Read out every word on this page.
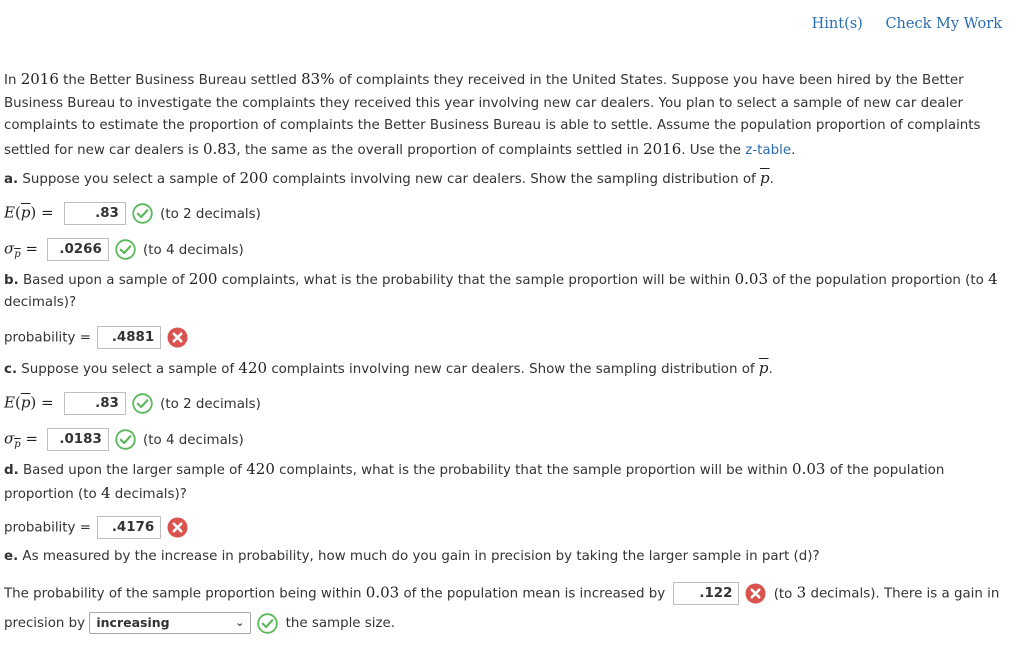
Hint(s) Check My Work
In 2016 the Better Business Bureau settled 83% of complaints they received in the United States. Suppose you have been hired by the Better Business Bureau to investigate the complaints they received this year involving new car dealers. You plan to select a sample of new car dealer complaints to estimate the proportion of complaints the Better Business Bureau is able to settle. Assume the population proportion of complaints settled for new car dealers is 0.83, the same as the overall proportion of complaints settled in 2016. Use the z-table.
a. Suppose you select a sample of 200 complaints involving new car dealers. Show the sampling distribution of $\overline{p}$.
$E(\overline{p})$ =	.83	(to 2 decimals)
$\sigma_{\overline{p}} = .0266$	(to 4 decimals)
b. Based upon a sample of 200 complaints, what is the probability that the sample proportion will be within 0.03 of the population proportion (to 4 decimals)?
probability = .4881
c. Suppose you select a sample of 420 complaints involving new car dealers. Show the sampling distribution of $\overline{p}$.
$E(\overline{p})$ =	.83	(to 2 decimals)
$\sigma_{\overline{p}} = .0183$	(to 4 decimals)
d. Based upon the larger sample of 420 complaints, what is the probability that the sample proportion will be within 0.03 of the population proportion (to 4 decimals)?
probability = .4176
e. As measured by the increase in probability, how much do you gain in precision by taking the larger sample in part (d)?
The probability of the sample proportion being within 0.03 of the population mean is increased by	.122	(to 3 decimals). There is a gain in
precision by increasing	⌄	the sample size.
